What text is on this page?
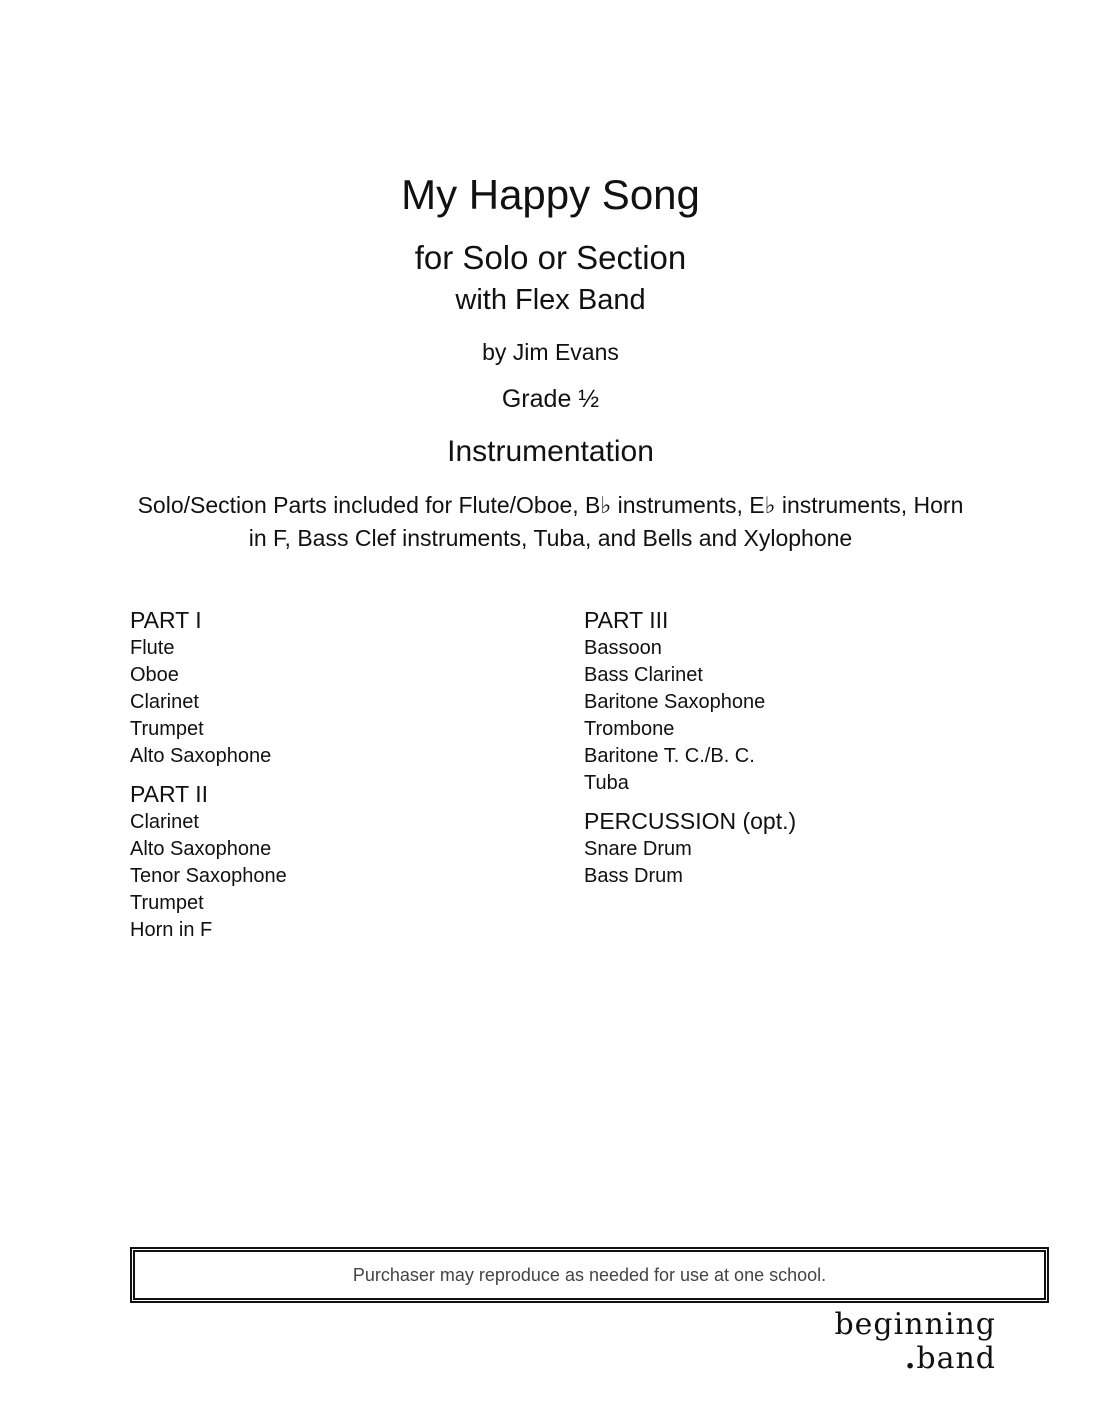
My Happy Song
for Solo or Section
with Flex Band
by Jim Evans
Grade ½
Instrumentation
Solo/Section Parts included for Flute/Oboe, B♭ instruments, E♭ instruments, Horn
in F, Bass Clef instruments, Tuba, and Bells and Xylophone
PART I
Flute
Oboe
Clarinet
Trumpet
Alto Saxophone
PART II
Clarinet
Alto Saxophone
Tenor Saxophone
Trumpet
Horn in F
PART III
Bassoon
Bass Clarinet
Baritone Saxophone
Trombone
Baritone T. C./B. C.
Tuba
PERCUSSION (opt.)
Snare Drum
Bass Drum
Purchaser may reproduce as needed for use at one school.
beginning
.band
